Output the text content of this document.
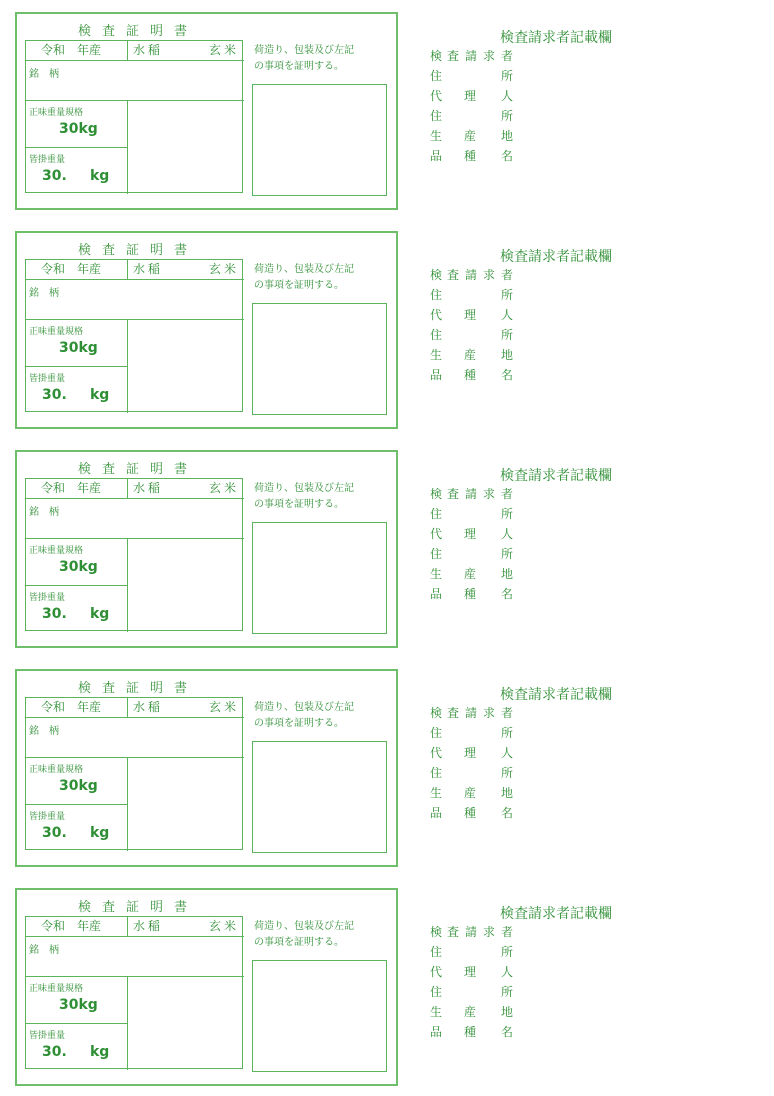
検査証明書
令和 年産	水稲	玄米
銘柄
正味重量規格
30kg
皆掛重量
30. kg
荷造り、包装及び左記
の事項を証明する。
検査請求者記載欄
検 査 請 求 者
住	所
代 理 人
住	所
生 産 地
品 種 名
検査証明書
令和 年産	水稲	玄米
銘柄
正味重量規格
30kg
皆掛重量
30. kg
荷造り、包装及び左記
の事項を証明する。
検査請求者記載欄
検 査 請 求 者
住	所
代 理 人
住	所
生 産 地
品 種 名
検査証明書
令和 年産	水稲	玄米
銘柄
正味重量規格
30kg
皆掛重量
30. kg
荷造り、包装及び左記
の事項を証明する。
検査請求者記載欄
検 査 請 求 者
住	所
代 理 人
住	所
生 産 地
品 種 名
検査証明書
令和 年産	水稲	玄米
銘柄
正味重量規格
30kg
皆掛重量
30. kg
荷造り、包装及び左記
の事項を証明する。
検査請求者記載欄
検 査 請 求 者
住	所
代 理 人
住	所
生 産 地
品 種 名
検査証明書
令和 年産	水稲	玄米
銘柄
正味重量規格
30kg
皆掛重量
30. kg
荷造り、包装及び左記
の事項を証明する。
検査請求者記載欄
検 査 請 求 者
住	所
代 理 人
住	所
生 産 地
品 種 名
